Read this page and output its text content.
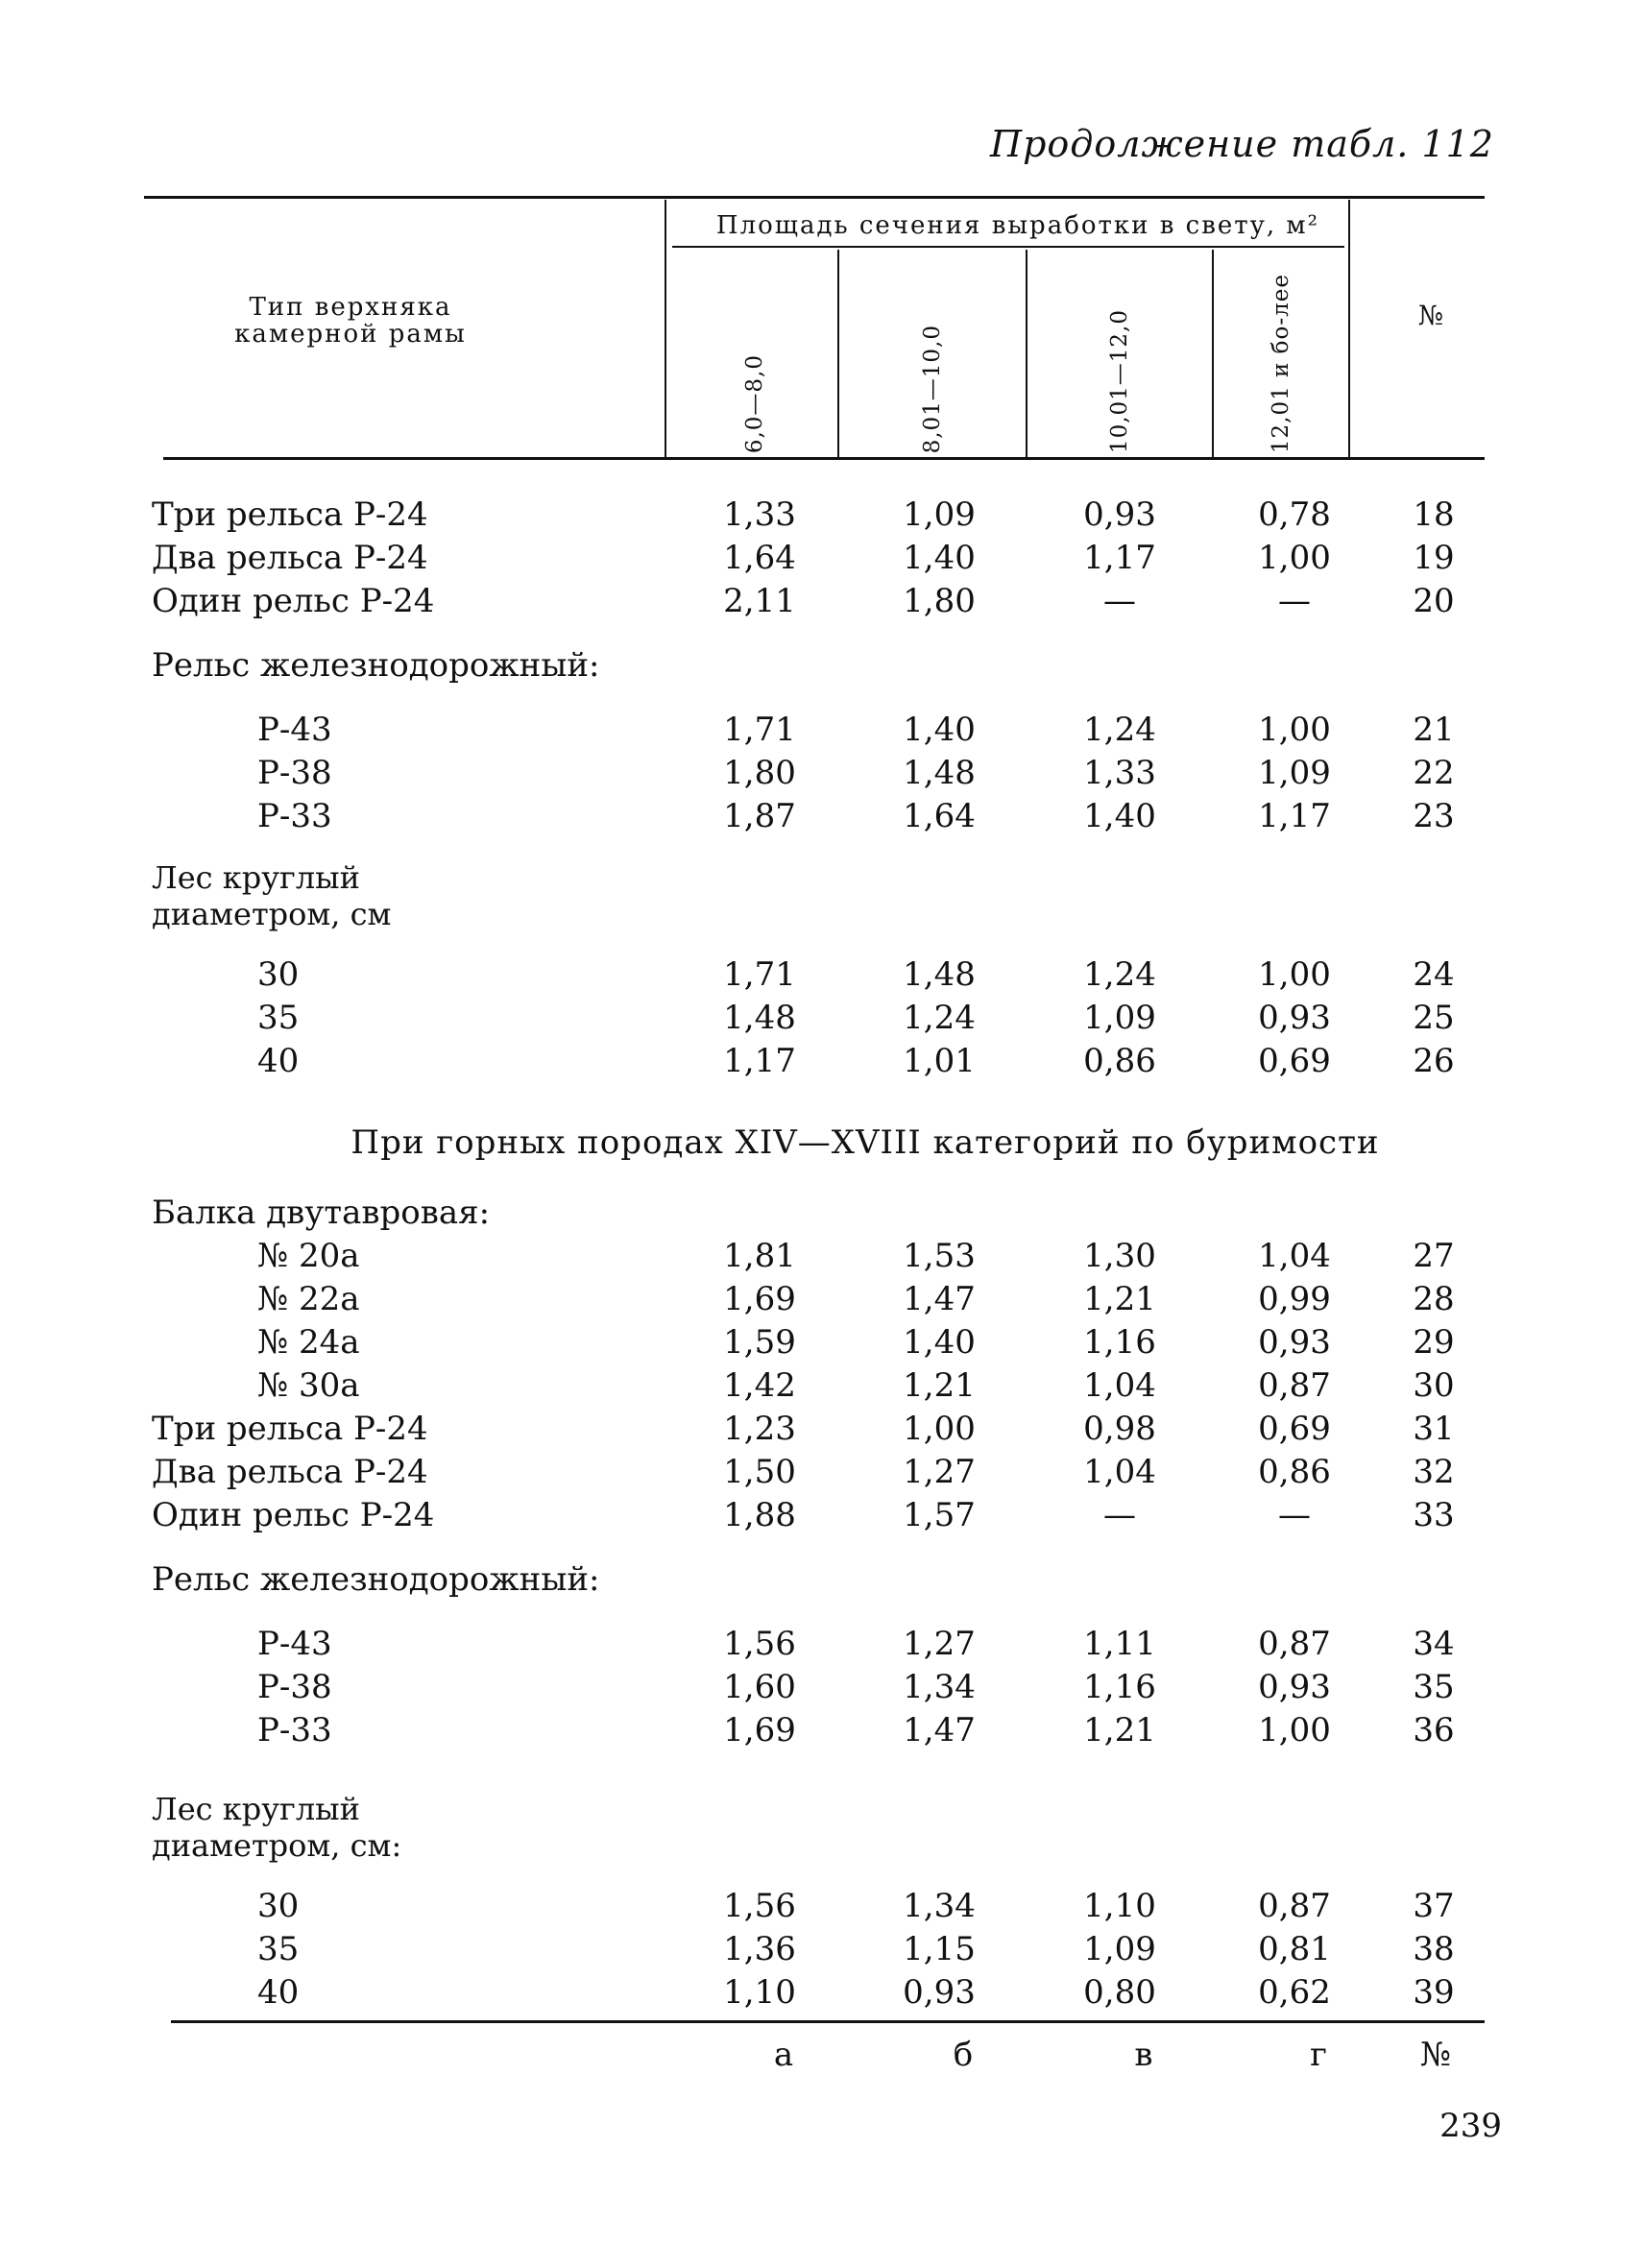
Продолжение табл. 112
Тип верхняка
камерной рамы
Площадь сечения выработки в свету, м²
6,0—8,0	8,01—10,0	10,01—12,0	12,01 и бо-лее	№
Три рельса Р-24	1,33	1,09	0,93	0,78	18
Два рельса Р-24	1,64	1,40	1,17	1,00	19
Один рельс Р-24	2,11	1,80	—	—	20
Рельс железнодорожный:
Р-43	1,71	1,40	1,24	1,00	21
Р-38	1,80	1,48	1,33	1,09	22
Р-33	1,87	1,64	1,40	1,17	23
Лес круглый
диаметром, см
30	1,71	1,48	1,24	1,00	24
35	1,48	1,24	1,09	0,93	25
40	1,17	1,01	0,86	0,69	26
При горных породах XIV—XVIII категорий по буримости
Балка двутавровая:
№ 20а	1,81	1,53	1,30	1,04	27
№ 22а	1,69	1,47	1,21	0,99	28
№ 24а	1,59	1,40	1,16	0,93	29
№ 30а	1,42	1,21	1,04	0,87	30
Три рельса Р-24	1,23	1,00	0,98	0,69	31
Два рельса Р-24	1,50	1,27	1,04	0,86	32
Один рельс Р-24	1,88	1,57	—	—	33
Рельс железнодорожный:
Р-43	1,56	1,27	1,11	0,87	34
Р-38	1,60	1,34	1,16	0,93	35
Р-33	1,69	1,47	1,21	1,00	36
Лес круглый
диаметром, см:
30	1,56	1,34	1,10	0,87	37
35	1,36	1,15	1,09	0,81	38
40	1,10	0,93	0,80	0,62	39
а	б	в	г	№
239
